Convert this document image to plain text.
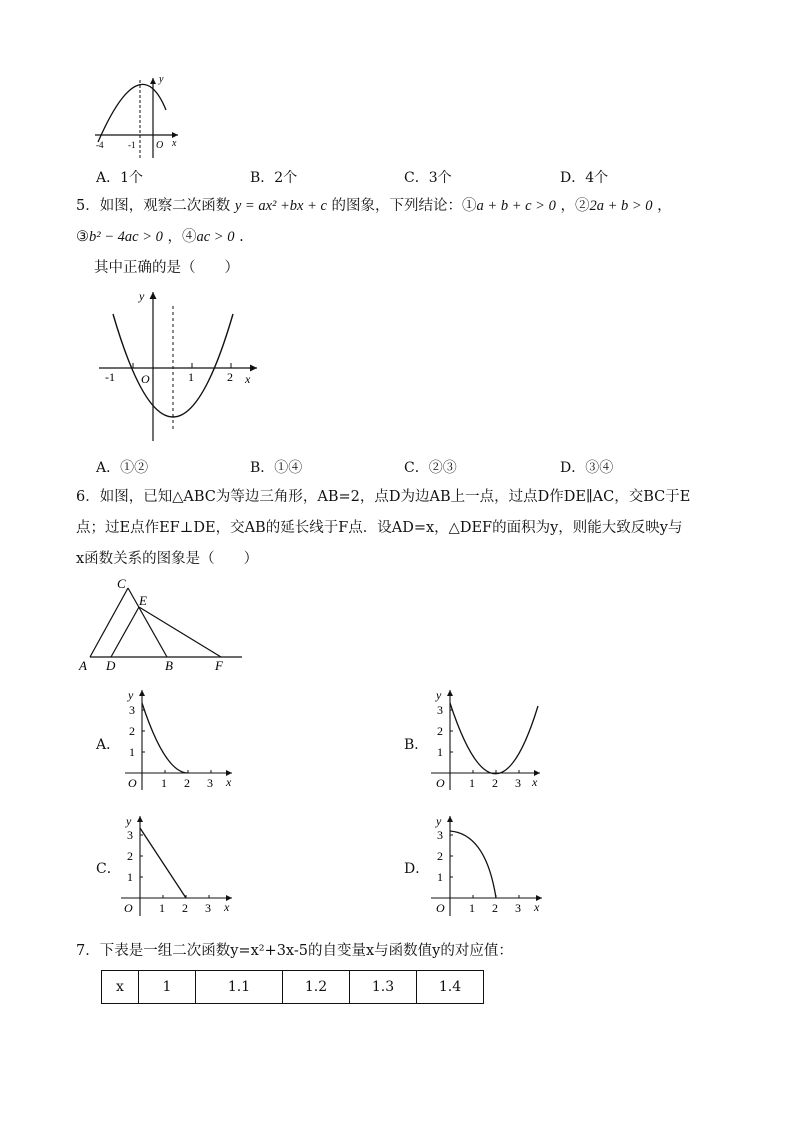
y
x
O
-4	-1
A．1个	B．2个	C．3个	D．4个
5．如图，观察二次函数 y = ax² +bx + c 的图象，下列结论：①a + b + c > 0 ，②2a + b > 0 ，
③b² − 4ac > 0 ，④ac > 0 .
其中正确的是（　　）
y
x
O
-1	1	2
A．①②	B．①④	C．②③	D．③④
6．如图，已知△ABC为等边三角形，AB=2，点D为边AB上一点，过点D作DE∥AC，交BC于E
点；过E点作EF⊥DE，交AB的延长线于F点．设AD=x，△DEF的面积为y，则能大致反映y与
x函数关系的图象是（　　）
A D	B	F
C
E
A．
y
x
O 1 2 3
1
2
3
B．
y
x
O 1 2 3
1
2
3
C．
y
x
O 1 2 3
1
2
3
D．
y
x
O 1 2 3
1
2
3
7．下表是一组二次函数y=x²+3x-5的自变量x与函数值y的对应值：
x	1	1.1	1.2	1.3	1.4
